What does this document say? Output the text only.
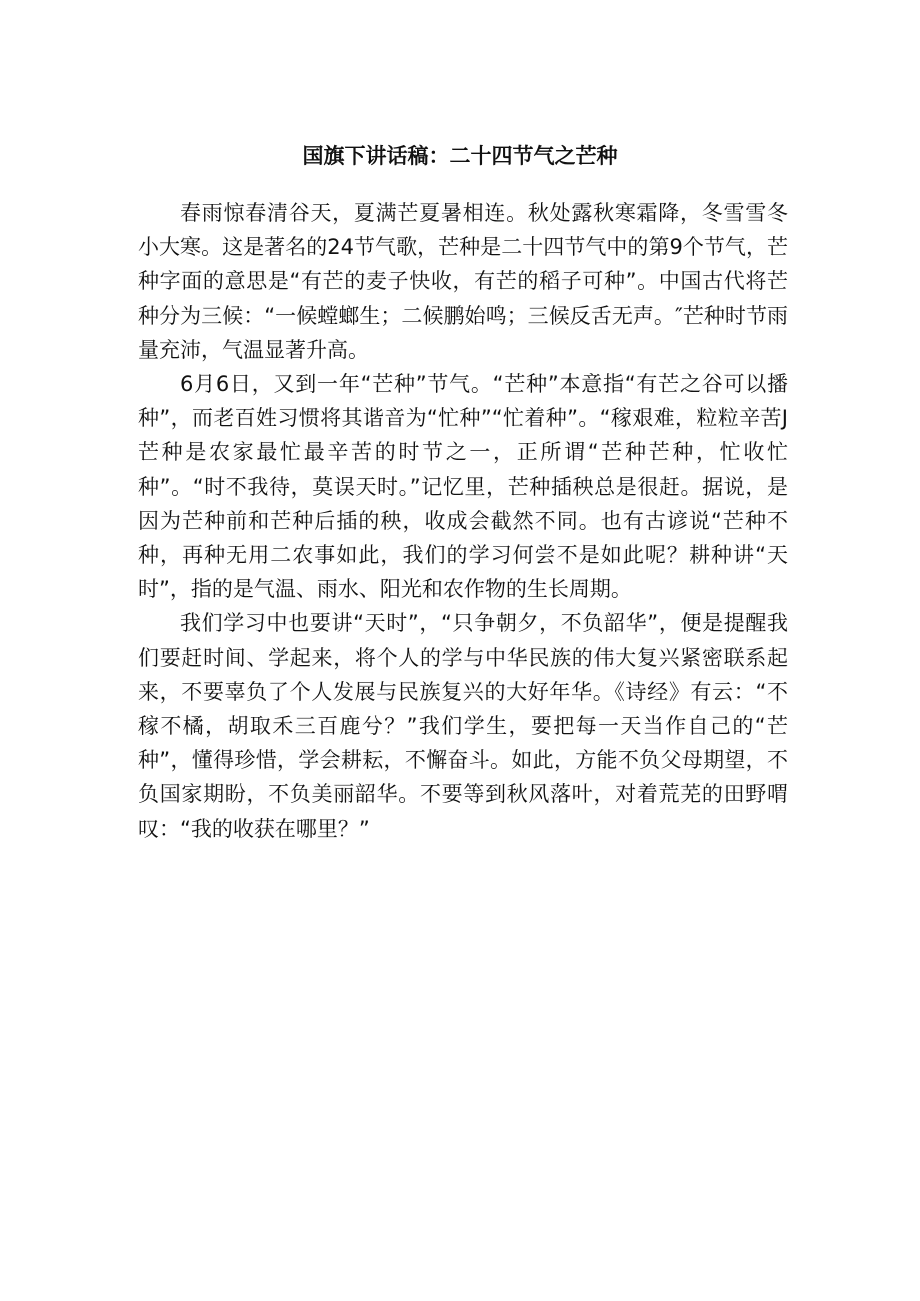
国旗下讲话稿：二十四节气之芒种

春雨惊春清谷天，夏满芒夏暑相连。秋处露秋寒霜降，冬雪雪冬小大寒。这是著名的24节气歌，芒种是二十四节气中的第9个节气，芒种字面的意思是“有芒的麦子快收，有芒的稻子可种”。中国古代将芒种分为三候：“一候螳螂生；二候鹏始鸣；三候反舌无声。″芒种时节雨量充沛，气温显著升高。

6月6日，又到一年“芒种”节气。“芒种”本意指“有芒之谷可以播种”，而老百姓习惯将其谐音为“忙种”“忙着种”。“稼艰难，粒粒辛苦J芒种是农家最忙最辛苦的时节之一，正所谓“芒种芒种，忙收忙种”。“时不我待，莫误天时。”记忆里，芒种插秧总是很赶。据说，是因为芒种前和芒种后插的秧，收成会截然不同。也有古谚说“芒种不种，再种无用二农事如此，我们的学习何尝不是如此呢？耕种讲“天时”，指的是气温、雨水、阳光和农作物的生长周期。

我们学习中也要讲“天时”，“只争朝夕，不负韶华”，便是提醒我们要赶时间、学起来，将个人的学与中华民族的伟大复兴紧密联系起来，不要辜负了个人发展与民族复兴的大好年华。《诗经》有云：“不稼不橘，胡取禾三百鹿兮？”我们学生，要把每一天当作自己的“芒种”，懂得珍惜，学会耕耘，不懈奋斗。如此，方能不负父母期望，不负国家期盼，不负美丽韶华。不要等到秋风落叶，对着荒芜的田野喟叹：“我的收获在哪里？”
